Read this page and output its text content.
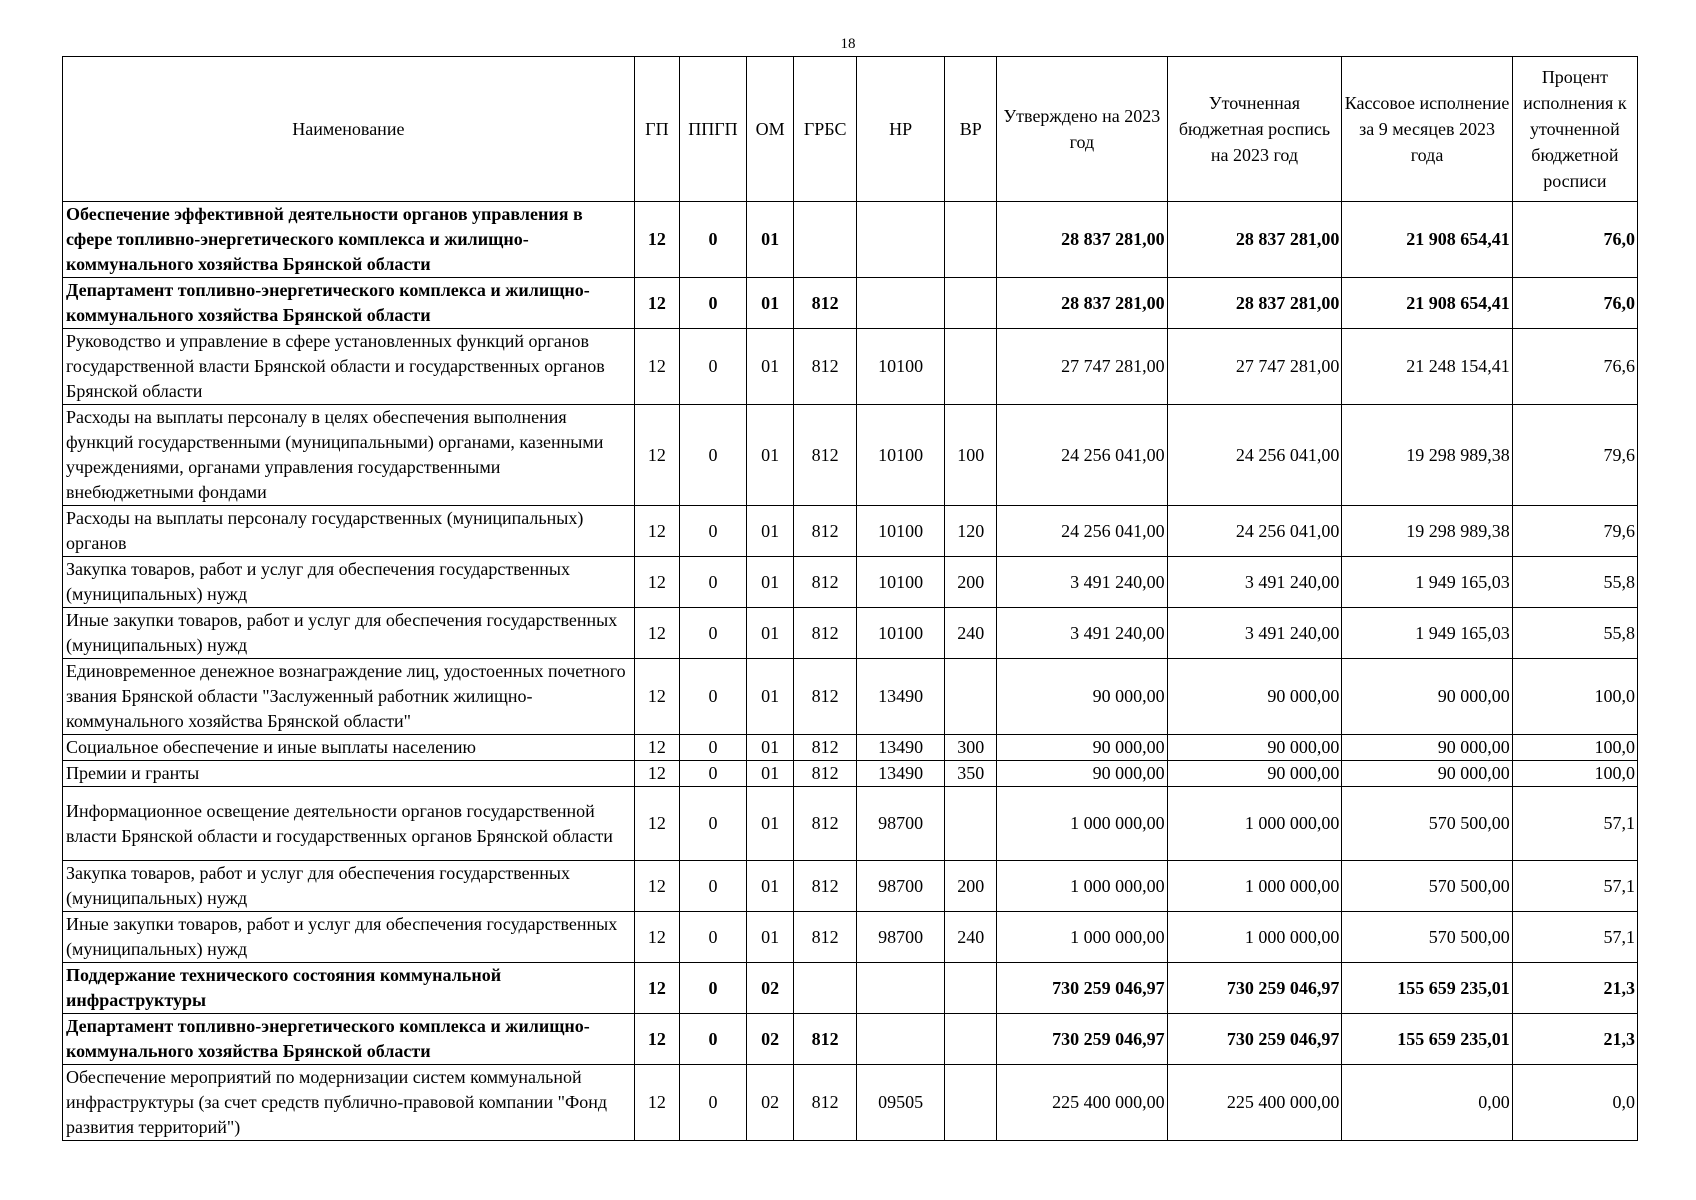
18
Наименование	ГП	ППГП	ОМ	ГРБС	НР	ВР	Утверждено на 2023 год	Уточненная бюджетная роспись на 2023 год	Кассовое исполнение за 9 месяцев 2023 года	Процент исполнения к уточненной бюджетной росписи
Обеспечение эффективной деятельности органов управления в сфере топливно-энергетического комплекса и жилищно-коммунального хозяйства Брянской области	12	0	01				28 837 281,00	28 837 281,00	21 908 654,41	76,0
Департамент топливно-энергетического комплекса и жилищно-коммунального хозяйства Брянской области	12	0	01	812			28 837 281,00	28 837 281,00	21 908 654,41	76,0
Руководство и управление в сфере установленных функций органов государственной власти Брянской области и государственных органов Брянской области	12	0	01	812	10100		27 747 281,00	27 747 281,00	21 248 154,41	76,6
Расходы на выплаты персоналу в целях обеспечения выполнения функций государственными (муниципальными) органами, казенными учреждениями, органами управления государственными внебюджетными фондами	12	0	01	812	10100	100	24 256 041,00	24 256 041,00	19 298 989,38	79,6
Расходы на выплаты персоналу государственных (муниципальных) органов	12	0	01	812	10100	120	24 256 041,00	24 256 041,00	19 298 989,38	79,6
Закупка товаров, работ и услуг для обеспечения государственных (муниципальных) нужд	12	0	01	812	10100	200	3 491 240,00	3 491 240,00	1 949 165,03	55,8
Иные закупки товаров, работ и услуг для обеспечения государственных (муниципальных) нужд	12	0	01	812	10100	240	3 491 240,00	3 491 240,00	1 949 165,03	55,8
Единовременное денежное вознаграждение лиц, удостоенных почетного звания Брянской области "Заслуженный работник жилищно-коммунального хозяйства Брянской области"	12	0	01	812	13490		90 000,00	90 000,00	90 000,00	100,0
Социальное обеспечение и иные выплаты населению	12	0	01	812	13490	300	90 000,00	90 000,00	90 000,00	100,0
Премии и гранты	12	0	01	812	13490	350	90 000,00	90 000,00	90 000,00	100,0
Информационное освещение деятельности органов государственной власти Брянской области и государственных органов Брянской области	12	0	01	812	98700		1 000 000,00	1 000 000,00	570 500,00	57,1
Закупка товаров, работ и услуг для обеспечения государственных (муниципальных) нужд	12	0	01	812	98700	200	1 000 000,00	1 000 000,00	570 500,00	57,1
Иные закупки товаров, работ и услуг для обеспечения государственных (муниципальных) нужд	12	0	01	812	98700	240	1 000 000,00	1 000 000,00	570 500,00	57,1
Поддержание технического состояния коммунальной инфраструктуры	12	0	02				730 259 046,97	730 259 046,97	155 659 235,01	21,3
Департамент топливно-энергетического комплекса и жилищно-коммунального хозяйства Брянской области	12	0	02	812			730 259 046,97	730 259 046,97	155 659 235,01	21,3
Обеспечение мероприятий по модернизации систем коммунальной инфраструктуры (за счет средств публично-правовой компании "Фонд развития территорий")	12	0	02	812	09505		225 400 000,00	225 400 000,00	0,00	0,0
